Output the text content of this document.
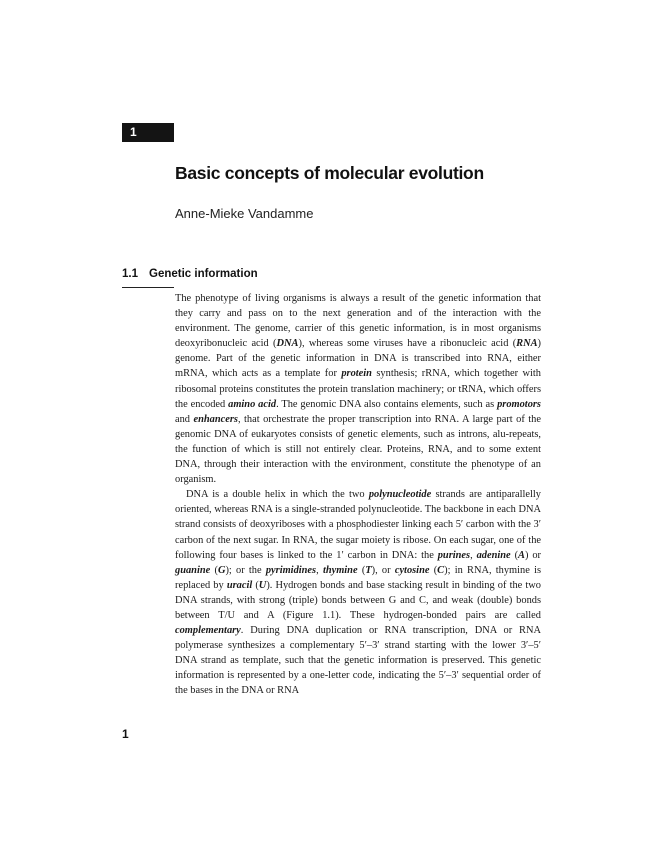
1
Basic concepts of molecular evolution

Anne-Mieke Vandamme

1.1 Genetic information

The phenotype of living organisms is always a result of the genetic information that they carry and pass on to the next generation and of the interaction with the environment. The genome, carrier of this genetic information, is in most organisms deoxyribonucleic acid (DNA), whereas some viruses have a ribonucleic acid (RNA) genome. Part of the genetic information in DNA is transcribed into RNA, either mRNA, which acts as a template for protein synthesis; rRNA, which together with ribosomal proteins constitutes the protein translation machinery; or tRNA, which offers the encoded amino acid. The genomic DNA also contains elements, such as promotors and enhancers, that orchestrate the proper transcription into RNA. A large part of the genomic DNA of eukaryotes consists of genetic elements, such as introns, alu-repeats, the function of which is still not entirely clear. Proteins, RNA, and to some extent DNA, through their interaction with the environment, constitute the phenotype of an organism.

DNA is a double helix in which the two polynucleotide strands are antiparallelly oriented, whereas RNA is a single-stranded polynucleotide. The backbone in each DNA strand consists of deoxyriboses with a phosphodiester linking each 5′ carbon with the 3′ carbon of the next sugar. In RNA, the sugar moiety is ribose. On each sugar, one of the following four bases is linked to the 1′ carbon in DNA: the purines, adenine (A) or guanine (G); or the pyrimidines, thymine (T), or cytosine (C); in RNA, thymine is replaced by uracil (U). Hydrogen bonds and base stacking result in binding of the two DNA strands, with strong (triple) bonds between G and C, and weak (double) bonds between T/U and A (Figure 1.1). These hydrogen-bonded pairs are called complementary. During DNA duplication or RNA transcription, DNA or RNA polymerase synthesizes a complementary 5′–3′ strand starting with the lower 3′–5′ DNA strand as template, such that the genetic information is preserved. This genetic information is represented by a one-letter code, indicating the 5′–3′ sequential order of the bases in the DNA or RNA

1
